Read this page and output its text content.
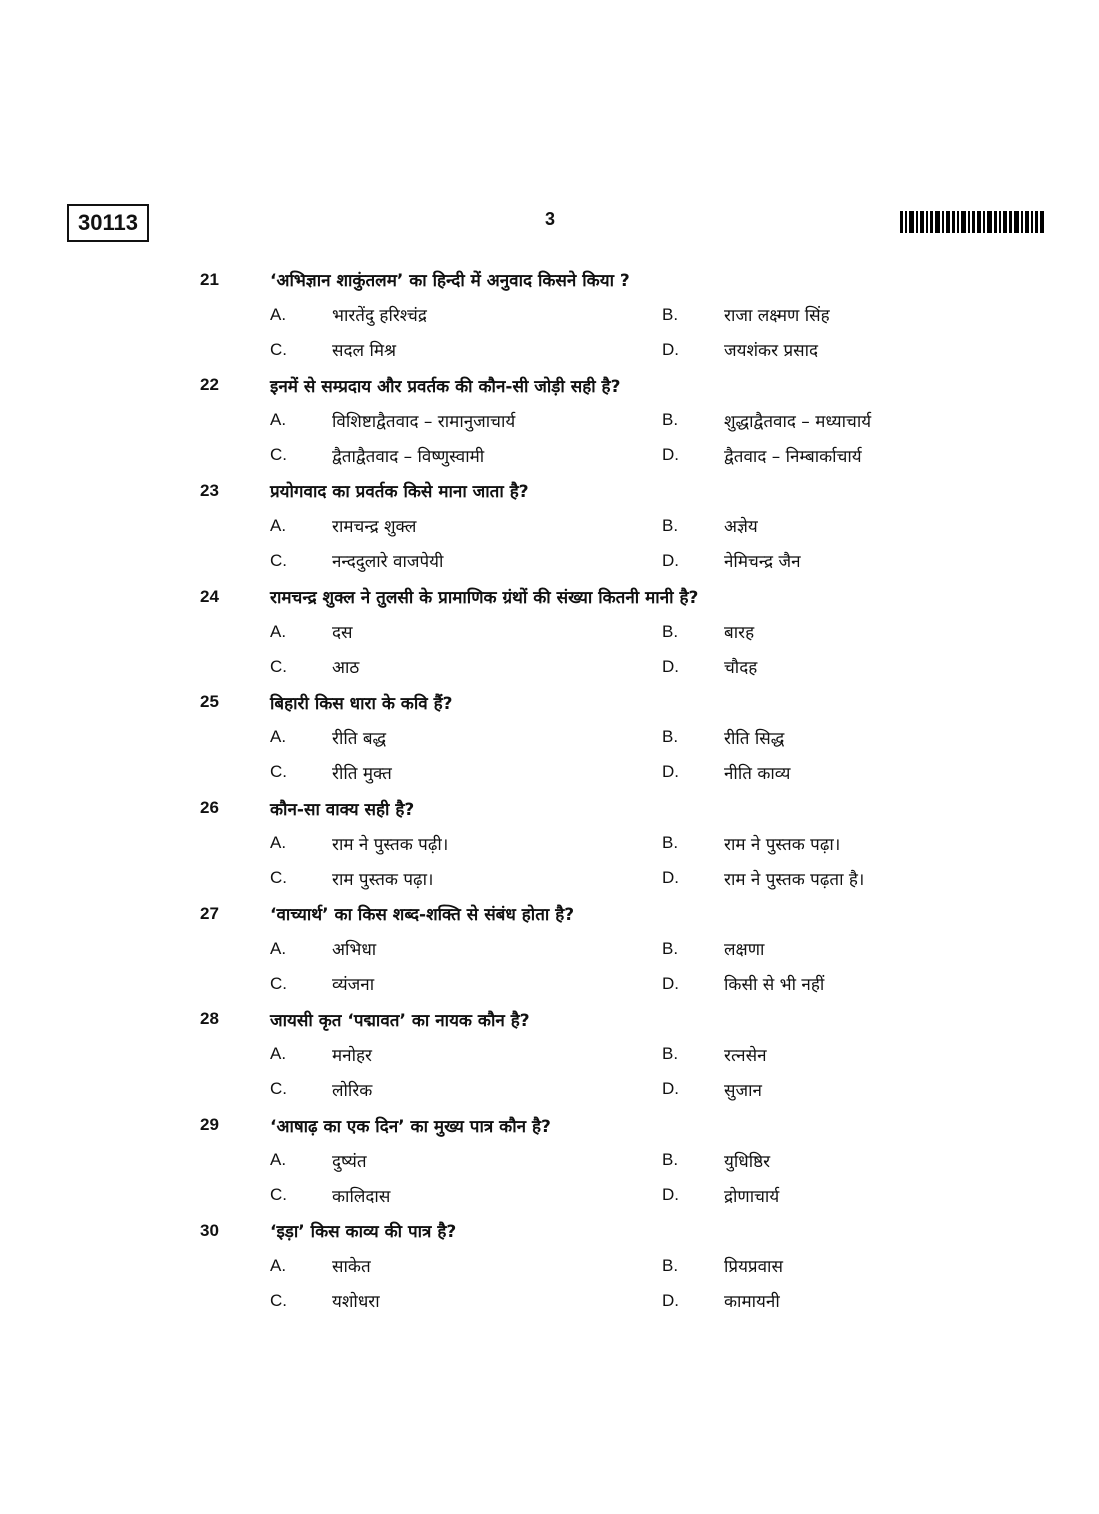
30113	3
21	‘अभिज्ञान शाकुंतलम’ का हिन्दी में अनुवाद किसने किया ?
A.	भारतेंदु हरिश्चंद्र	B.	राजा लक्ष्मण सिंह
C.	सदल मिश्र	D.	जयशंकर प्रसाद
22	इनमें से सम्प्रदाय और प्रवर्तक की कौन-सी जोड़ी सही है?
A.	विशिष्टाद्वैतवाद – रामानुजाचार्य	B.	शुद्धाद्वैतवाद – मध्याचार्य
C.	द्वैताद्वैतवाद – विष्णुस्वामी	D.	द्वैतवाद – निम्बार्काचार्य
23	प्रयोगवाद का प्रवर्तक किसे माना जाता है?
A.	रामचन्द्र शुक्ल	B.	अज्ञेय
C.	नन्ददुलारे वाजपेयी	D.	नेमिचन्द्र जैन
24	रामचन्द्र शुक्ल ने तुलसी के प्रामाणिक ग्रंथों की संख्या कितनी मानी है?
A.	दस	B.	बारह
C.	आठ	D.	चौदह
25	बिहारी किस धारा के कवि हैं?
A.	रीति बद्ध	B.	रीति सिद्ध
C.	रीति मुक्त	D.	नीति काव्य
26	कौन-सा वाक्य सही है?
A.	राम ने पुस्तक पढ़ी।	B.	राम ने पुस्तक पढ़ा।
C.	राम पुस्तक पढ़ा।	D.	राम ने पुस्तक पढ़ता है।
27	‘वाच्यार्थ’ का किस शब्द-शक्ति से संबंध होता है?
A.	अभिधा	B.	लक्षणा
C.	व्यंजना	D.	किसी से भी नहीं
28	जायसी कृत ‘पद्मावत’ का नायक कौन है?
A.	मनोहर	B.	रत्नसेन
C.	लोरिक	D.	सुजान
29	‘आषाढ़ का एक दिन’ का मुख्य पात्र कौन है?
A.	दुष्यंत	B.	युधिष्ठिर
C.	कालिदास	D.	द्रोणाचार्य
30	‘इड़ा’ किस काव्य की पात्र है?
A.	साकेत	B.	प्रियप्रवास
C.	यशोधरा	D.	कामायनी
